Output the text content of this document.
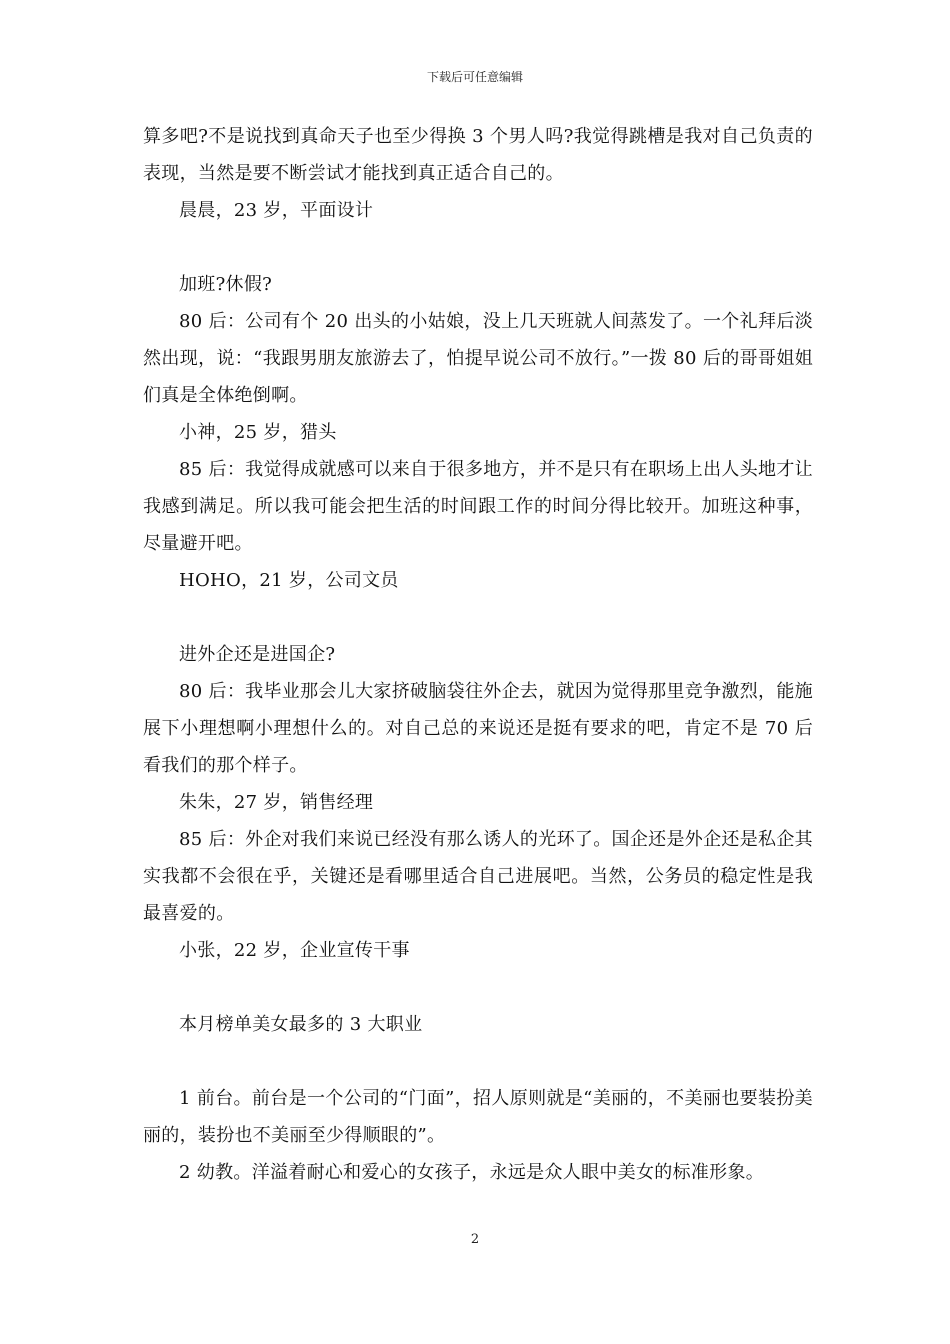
下载后可任意编辑

算多吧?不是说找到真命天子也至少得换 3 个男人吗?我觉得跳槽是我对自己负责的表现，当然是要不断尝试才能找到真正适合自己的。

晨晨，23 岁，平面设计

加班?休假?

80 后：公司有个 20 出头的小姑娘，没上几天班就人间蒸发了。一个礼拜后淡然出现，说：“我跟男朋友旅游去了，怕提早说公司不放行。”一拨 80 后的哥哥姐姐们真是全体绝倒啊。

小神，25 岁，猎头

85 后：我觉得成就感可以来自于很多地方，并不是只有在职场上出人头地才让我感到满足。所以我可能会把生活的时间跟工作的时间分得比较开。加班这种事，尽量避开吧。

HOHO，21 岁，公司文员

进外企还是进国企?

80 后：我毕业那会儿大家挤破脑袋往外企去，就因为觉得那里竞争激烈，能施展下小理想啊小理想什么的。对自己总的来说还是挺有要求的吧，肯定不是 70 后看我们的那个样子。

朱朱，27 岁，销售经理

85 后：外企对我们来说已经没有那么诱人的光环了。国企还是外企还是私企其实我都不会很在乎，关键还是看哪里适合自己进展吧。当然，公务员的稳定性是我最喜爱的。

小张，22 岁，企业宣传干事

本月榜单美女最多的 3 大职业

1 前台。前台是一个公司的“门面”，招人原则就是“美丽的，不美丽也要装扮美丽的，装扮也不美丽至少得顺眼的”。

2 幼教。洋溢着耐心和爱心的女孩子，永远是众人眼中美女的标准形象。

2
